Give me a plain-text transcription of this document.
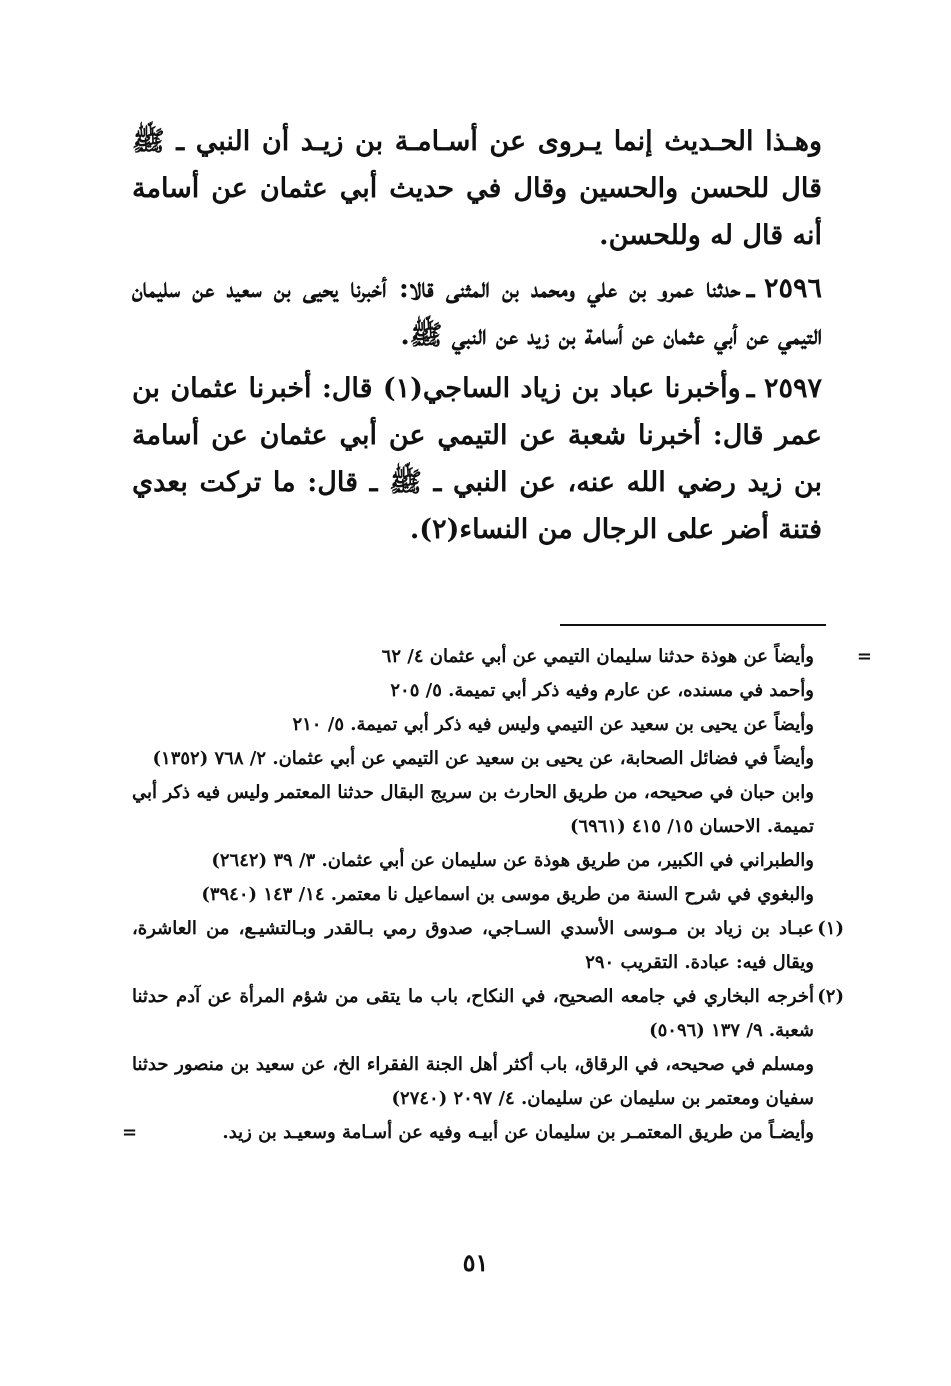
وهـذا الحـديث إنما يـروى عن أسـامـة بن زيـد أن النبي ـ ﷺ قال للحسن والحسين وقال في حديث أبي عثمان عن أسامة أنه قال له وللحسن.

٢٥٩٦ ـحدثنا عمرو بن علي ومحمد بن المثنى قالا: أخبرنا يحيى بن سعيد عن سليمان التيمي عن أبي عثمان عن أسامة بن زيد عن النبي ﷺ.

٢٥٩٧ ـوأخبرنا عباد بن زياد الساجي(١) قال: أخبرنا عثمان بن عمر قال: أخبرنا شعبة عن التيمي عن أبي عثمان عن أسامة بن زيد رضي الله عنه، عن النبي ـ ﷺ ـ قال: ما تركت بعدي فتنة أضر على الرجال من النساء(٢).

=
وأيضاً عن هوذة حدثنا سليمان التيمي عن أبي عثمان ٤/ ٦٢

وأحمد في مسنده، عن عارم وفيه ذكر أبي تميمة. ٥/ ٢٠٥

وأيضاً عن يحيى بن سعيد عن التيمي وليس فيه ذكر أبي تميمة. ٥/ ٢١٠

وأيضاً في فضائل الصحابة، عن يحيى بن سعيد عن التيمي عن أبي عثمان. ٢/ ٧٦٨ (١٣٥٢)

وابن حبان في صحيحه، من طريق الحارث بن سريج البقال حدثنا المعتمر وليس فيه ذكر أبي تميمة. الاحسان ١٥/ ٤١٥ (٦٩٦١)

والطبراني في الكبير، من طريق هوذة عن سليمان عن أبي عثمان. ٣/ ٣٩ (٢٦٤٢)

والبغوي في شرح السنة من طريق موسى بن اسماعيل نا معتمر. ١٤/ ١٤٣ (٣٩٤٠)

(١)
عبـاد بن زياد بن مـوسى الأسدي السـاجي، صدوق رمي بـالقدر وبـالتشيـع، من العاشرة، ويقال فيه: عبادة. التقريب ٢٩٠

(٢)
أخرجه البخاري في جامعه الصحيح، في النكاح، باب ما يتقى من شؤم المرأة عن آدم حدثنا شعبة. ٩/ ١٣٧ (٥٠٩٦)

ومسلم في صحيحه، في الرقاق، باب أكثر أهل الجنة الفقراء الخ، عن سعيد بن منصور حدثنا سفيان ومعتمر بن سليمان عن سليمان. ٤/ ٢٠٩٧ (٢٧٤٠)

وأيضـاً من طريق المعتمـر بن سليمان عن أبيـه وفيه عن أسـامة وسعيـد بن زيد.
=

٥١
